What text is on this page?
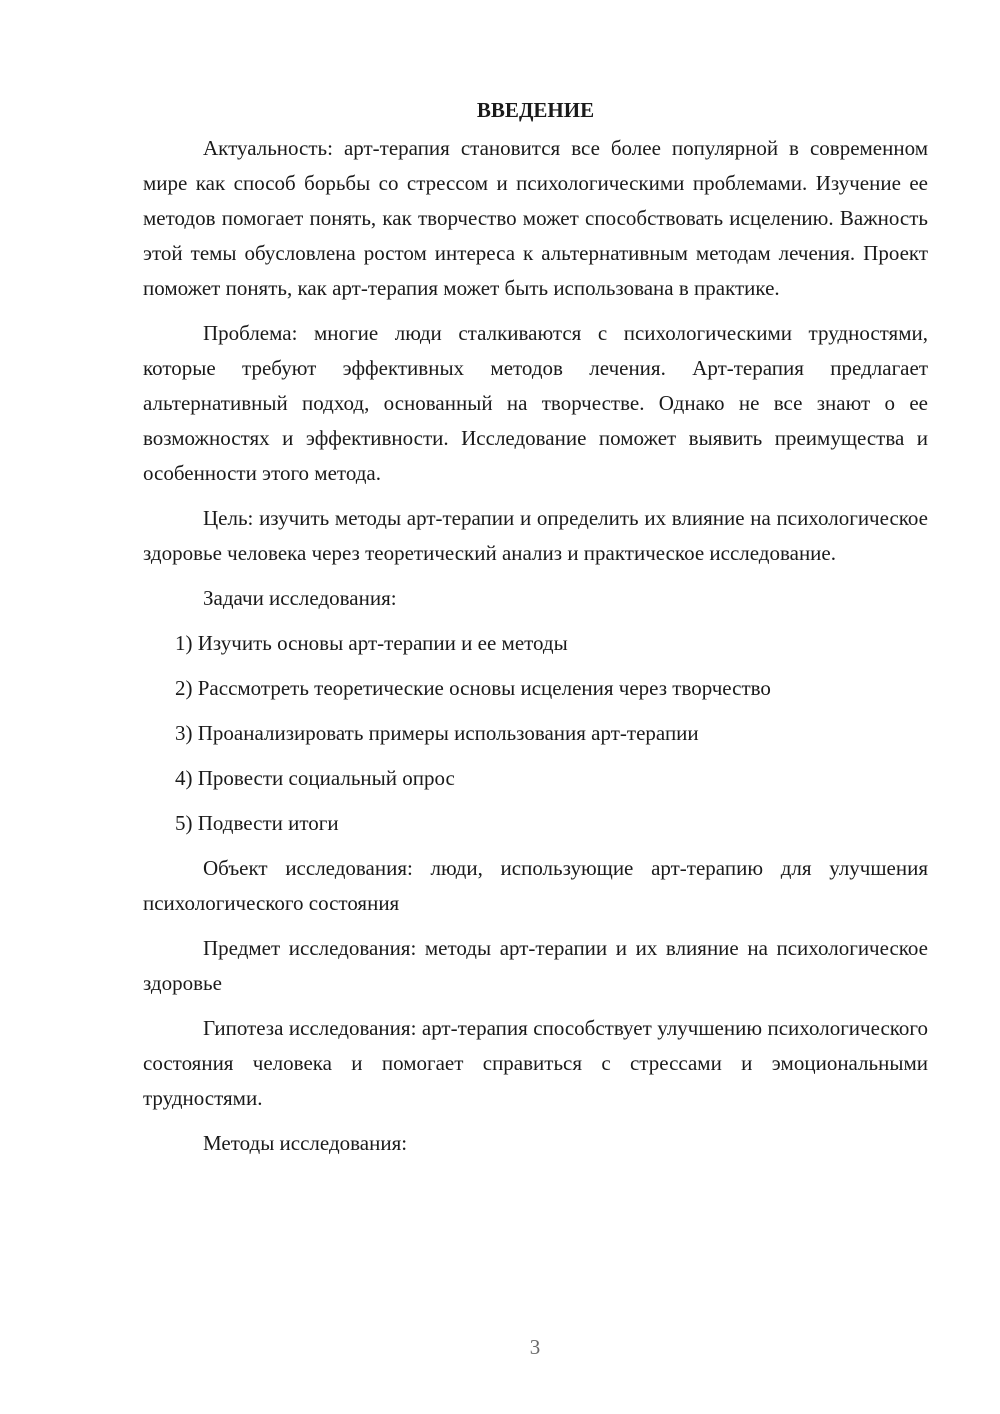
ВВЕДЕНИЕ

Актуальность: арт-терапия становится все более популярной в современном мире как способ борьбы со стрессом и психологическими проблемами. Изучение ее методов помогает понять, как творчество может способствовать исцелению. Важность этой темы обусловлена ростом интереса к альтернативным методам лечения. Проект поможет понять, как арт-терапия может быть использована в практике.

Проблема: многие люди сталкиваются с психологическими трудностями, которые требуют эффективных методов лечения. Арт-терапия предлагает альтернативный подход, основанный на творчестве. Однако не все знают о ее возможностях и эффективности. Исследование поможет выявить преимущества и особенности этого метода.

Цель: изучить методы арт-терапии и определить их влияние на психологическое здоровье человека через теоретический анализ и практическое исследование.

Задачи исследования:

1) Изучить основы арт-терапии и ее методы
2) Рассмотреть теоретические основы исцеления через творчество
3) Проанализировать примеры использования арт-терапии
4) Провести социальный опрос
5) Подвести итоги

Объект исследования: люди, использующие арт-терапию для улучшения психологического состояния

Предмет исследования: методы арт-терапии и их влияние на психологическое здоровье

Гипотеза исследования: арт-терапия способствует улучшению психологического состояния человека и помогает справиться с стрессами и эмоциональными трудностями.

Методы исследования:

3
